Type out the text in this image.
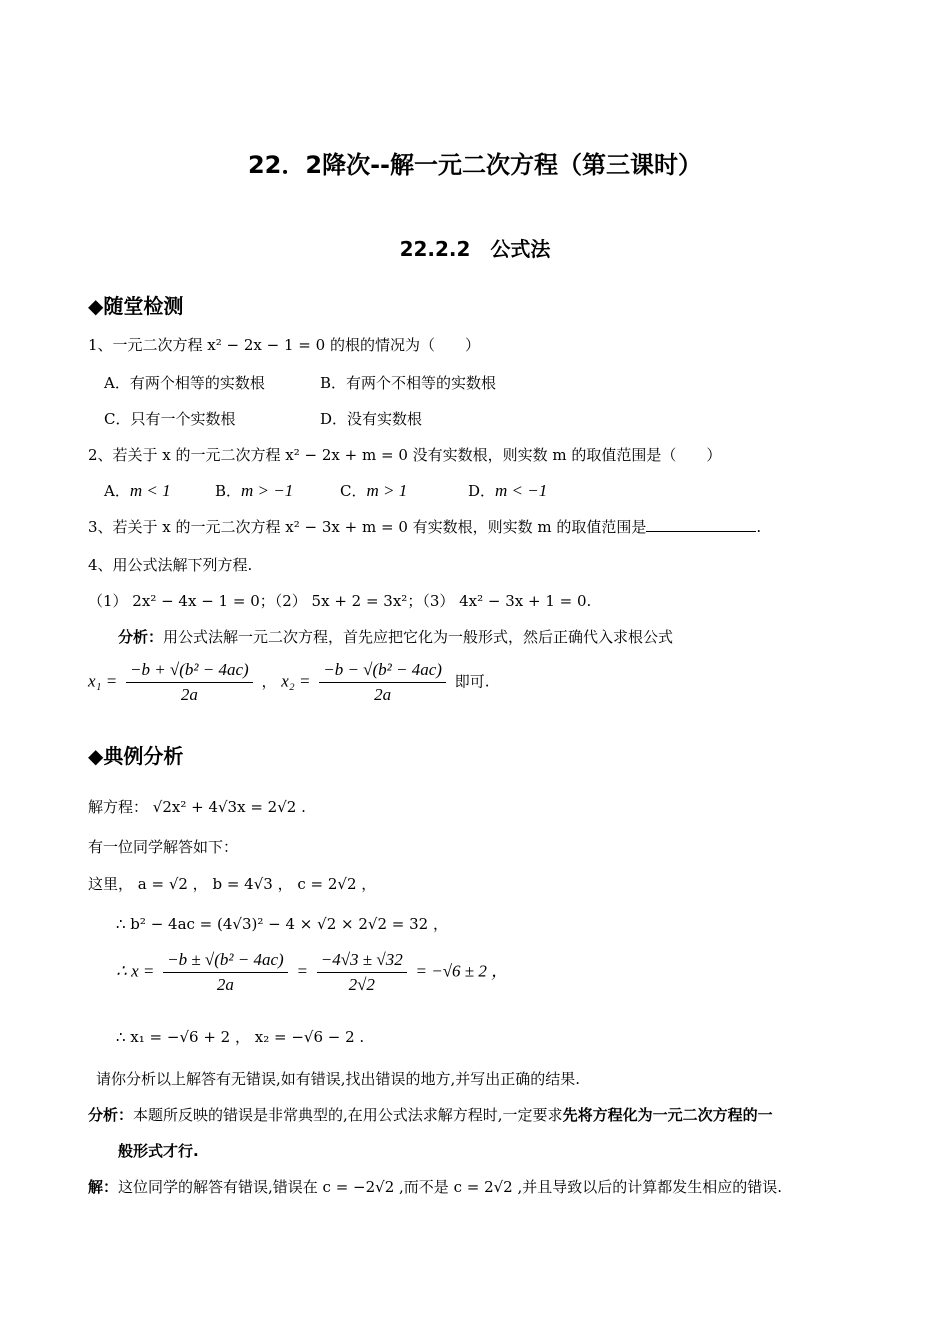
22．2降次--解一元二次方程（第三课时）
22.2.2　公式法
◆随堂检测
1、一元二次方程 x² − 2x − 1 = 0 的根的情况为（　　）
A．有两个相等的实数根	B．有两个不相等的实数根
C．只有一个实数根	D．没有实数根
2、若关于 x 的一元二次方程 x² − 2x + m = 0 没有实数根，则实数 m 的取值范围是（　　）
A．m < 1	B．m > −1	C．m > 1	D．m < −1
3、若关于 x 的一元二次方程 x² − 3x + m = 0 有实数根，则实数 m 的取值范围是	.
4、用公式法解下列方程.
（1） 2x² − 4x − 1 = 0；（2） 5x + 2 = 3x²；（3） 4x² − 3x + 1 = 0.
分析：用公式法解一元二次方程，首先应把它化为一般形式，然后正确代入求根公式
$x_1 = \frac{\text{−b + √(b² − 4ac)}}{2a}$ ， $x_2 = \frac{\text{−b − √(b² − 4ac)}}{2a}$ 即可.
◆典例分析
解方程： √2x² + 4√3x = 2√2 .
有一位同学解答如下：
这里， a = √2 ， b = 4√3 ， c = 2√2 ，
∴ b² − 4ac = (4√3)² − 4 × √2 × 2√2 = 32 ，
∴ $x = \frac{\text{−b ± √(b² − 4ac)}}{2a} = \frac{-4√3 \pm √32}{2√2} = -√6 \pm 2$ ，
∴ x₁ = −√6 + 2 ， x₂ = −√6 − 2 .
请你分析以上解答有无错误,如有错误,找出错误的地方,并写出正确的结果.
分析：本题所反映的错误是非常典型的,在用公式法求解方程时,一定要求先将方程化为一元二次方程的一
般形式才行.
解：这位同学的解答有错误,错误在 c = −2√2 ,而不是 c = 2√2 ,并且导致以后的计算都发生相应的错误.
